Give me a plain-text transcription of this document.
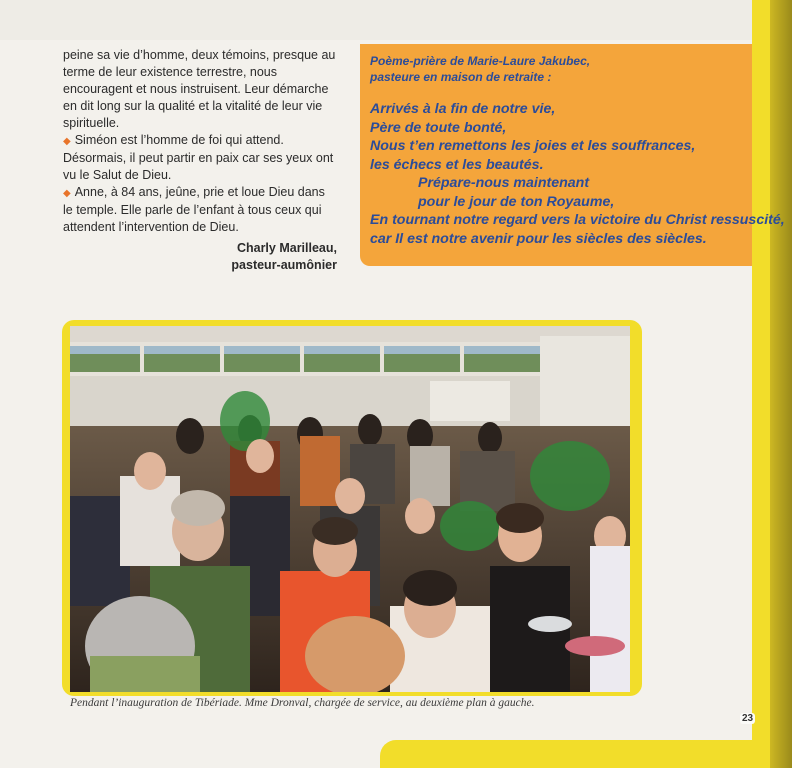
peine sa vie d’homme, deux témoins, presque au terme de leur existence terrestre, nous encouragent et nous instruisent. Leur démarche en dit long sur la qualité et la vitalité de leur vie spirituelle.

◆ Siméon est l’homme de foi qui attend. Désormais, il peut partir en paix car ses yeux ont vu le Salut de Dieu.

◆ Anne, à 84 ans, jeûne, prie et loue Dieu dans le temple. Elle parle de l’enfant à tous ceux qui attendent l’intervention de Dieu.

Charly Marilleau,
pasteur-aumônier
Poème-prière de Marie-Laure Jakubec,
pasteure en maison de retraite :
Arrivés à la fin de notre vie,
Père de toute bonté,
Nous t’en remettons les joies et les souffrances,
les échecs et les beautés.
Prépare-nous maintenant
pour le jour de ton Royaume,
En tournant notre regard vers la victoire du Christ ressuscité,
car Il est notre avenir pour les siècles des siècles.
Pendant l’inauguration de Tibériade. Mme Dronval, chargée de service, au deuxième plan à gauche.
23
